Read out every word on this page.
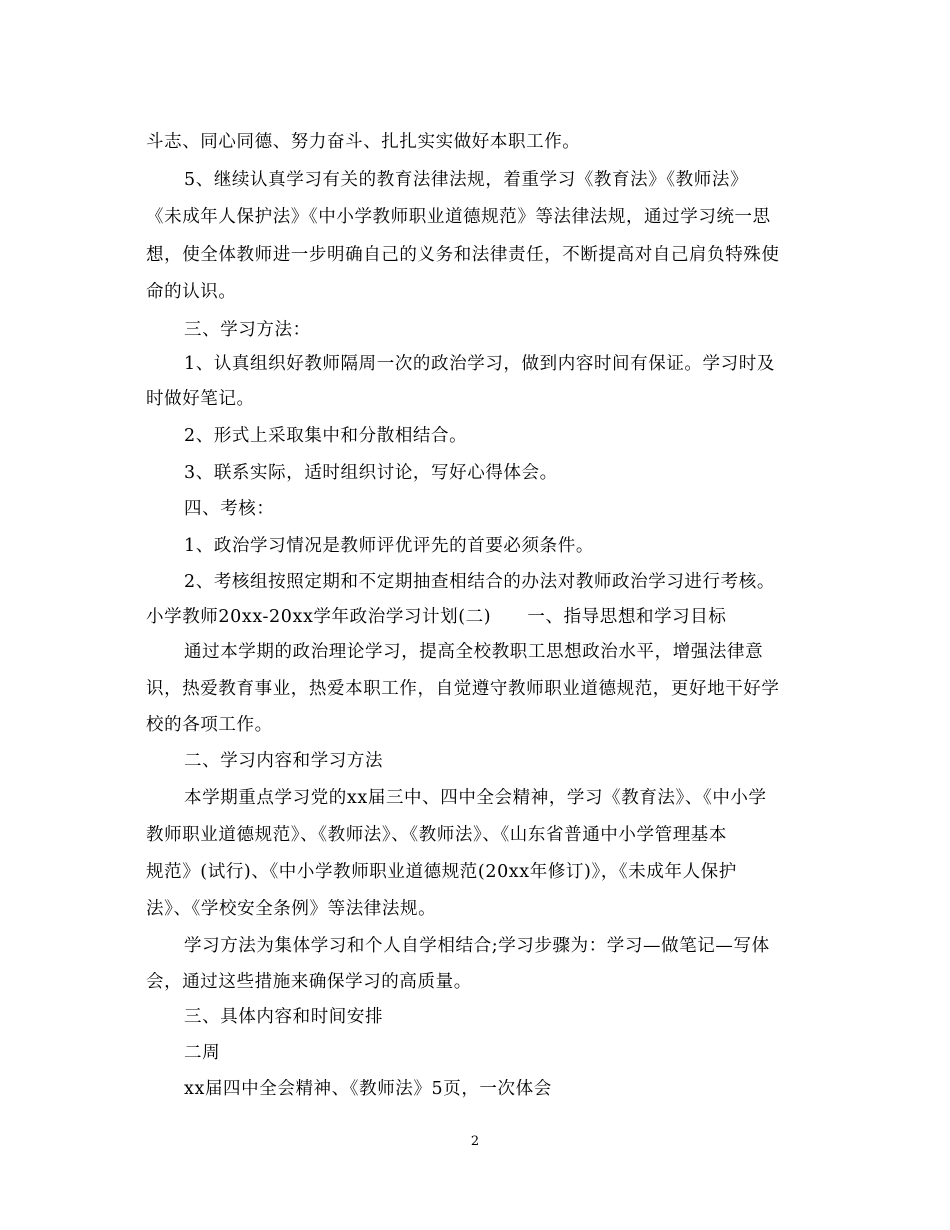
斗志、同心同德、努力奋斗、扎扎实实做好本职工作。
5、继续认真学习有关的教育法律法规，着重学习《教育法》《教师法》
《未成年人保护法》《中小学教师职业道德规范》等法律法规，通过学习统一思
想，使全体教师进一步明确自己的义务和法律责任，不断提高对自己肩负特殊使
命的认识。
三、学习方法：
1、认真组织好教师隔周一次的政治学习，做到内容时间有保证。学习时及
时做好笔记。
2、形式上采取集中和分散相结合。
3、联系实际，适时组织讨论，写好心得体会。
四、考核：
1、政治学习情况是教师评优评先的首要必须条件。
2、考核组按照定期和不定期抽查相结合的办法对教师政治学习进行考核。
小学教师20xx-20xx学年政治学习计划(二)　　一、指导思想和学习目标
通过本学期的政治理论学习，提高全校教职工思想政治水平，增强法律意
识，热爱教育事业，热爱本职工作，自觉遵守教师职业道德规范，更好地干好学
校的各项工作。
二、学习内容和学习方法
本学期重点学习党的xx届三中、四中全会精神，学习《教育法》、《中小学
教师职业道德规范》、《教师法》、《教师法》、《山东省普通中小学管理基本
规范》(试行)、《中小学教师职业道德规范(20xx年修订)》，《未成年人保护
法》、《学校安全条例》等法律法规。
学习方法为集体学习和个人自学相结合;学习步骤为：学习—做笔记—写体
会，通过这些措施来确保学习的高质量。
三、具体内容和时间安排
二周
xx届四中全会精神、《教师法》5页，一次体会
2
